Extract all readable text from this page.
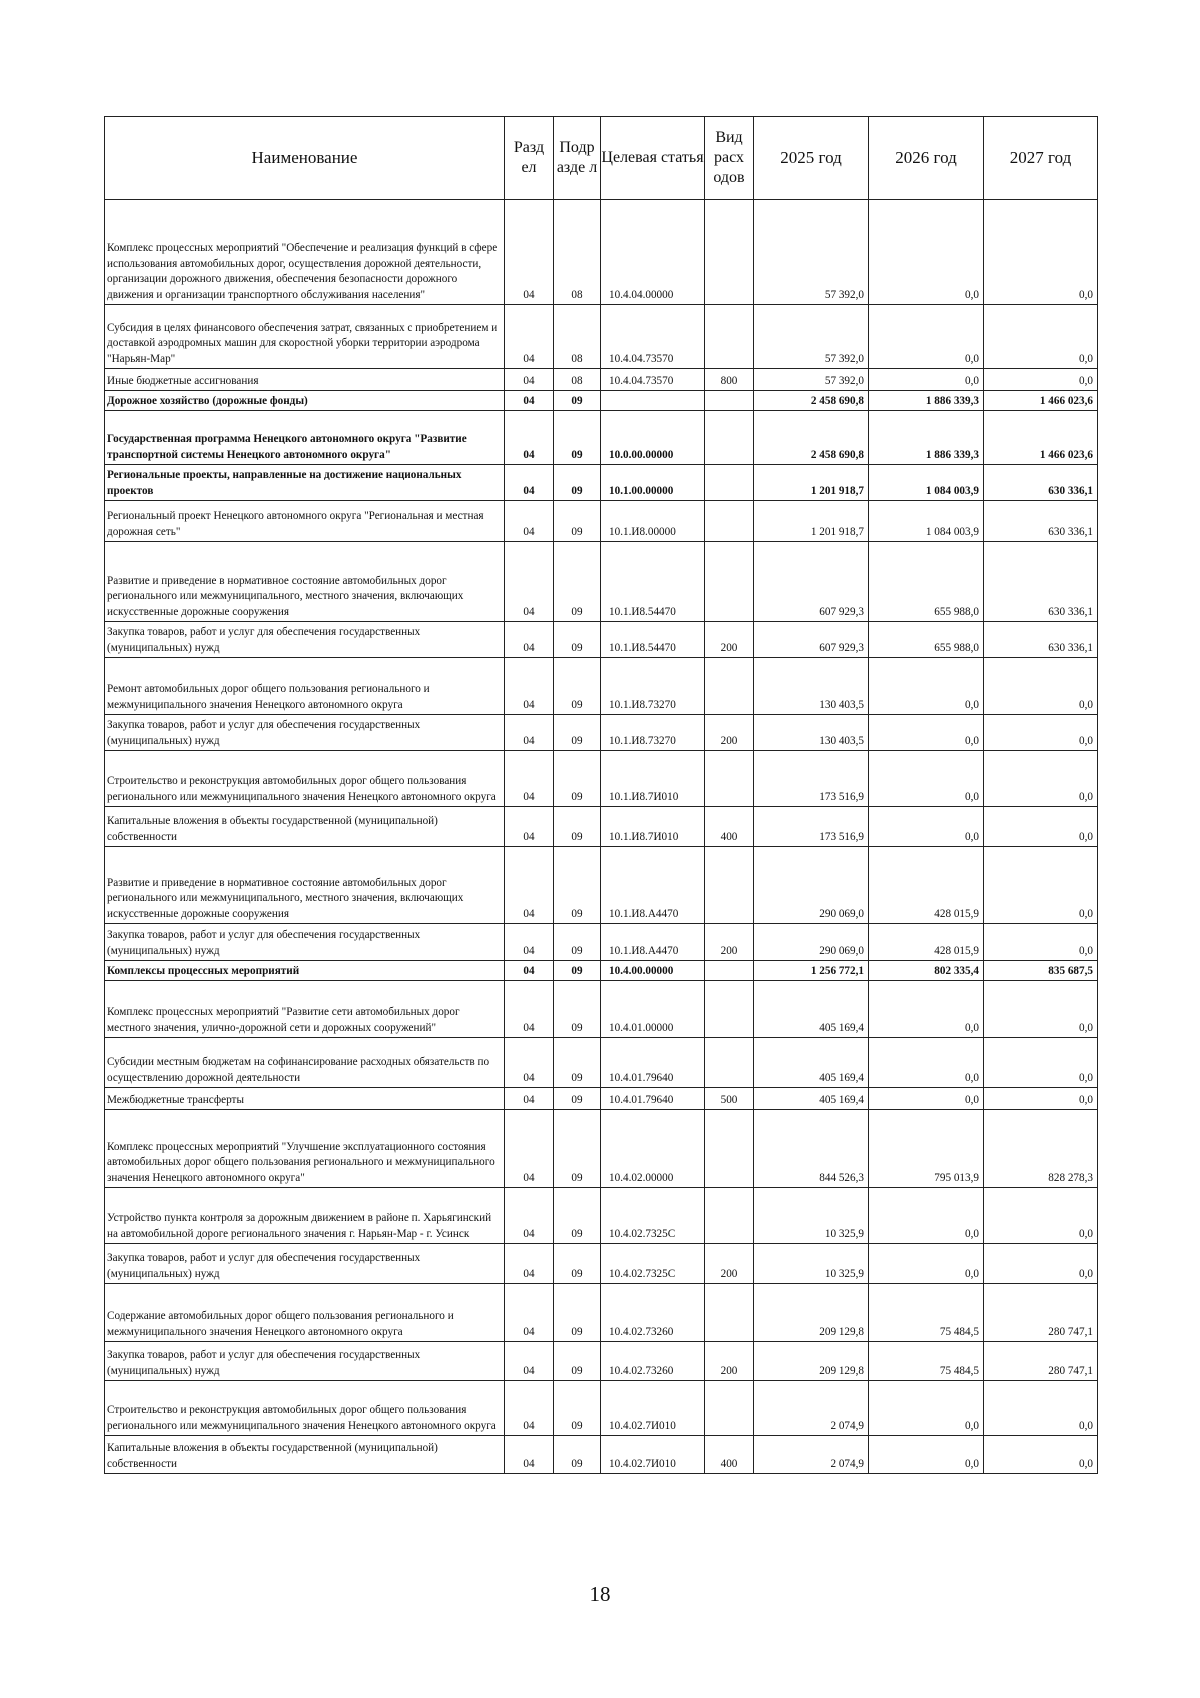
Наименование	Разд ел	Подр азде л	Целевая статья	Вид расх одов	2025 год	2026 год	2027 год
Комплекс процессных мероприятий "Обеспечение и реализация функций в сфере использования автомобильных дорог, осуществления дорожной деятельности, организации дорожного движения, обеспечения безопасности дорожного движения и организации транспортного обслуживания населения"	04	08	10.4.04.00000		57 392,0	0,0	0,0
Субсидия в целях финансового обеспечения затрат, связанных с приобретением и доставкой аэродромных машин для скоростной уборки территории аэродрома "Нарьян-Мар"	04	08	10.4.04.73570		57 392,0	0,0	0,0
Иные бюджетные ассигнования	04	08	10.4.04.73570	800	57 392,0	0,0	0,0
Дорожное хозяйство (дорожные фонды)	04	09			2 458 690,8	1 886 339,3	1 466 023,6
Государственная программа Ненецкого автономного округа "Развитие транспортной системы Ненецкого автономного округа"	04	09	10.0.00.00000		2 458 690,8	1 886 339,3	1 466 023,6
Региональные проекты, направленные на достижение национальных проектов	04	09	10.1.00.00000		1 201 918,7	1 084 003,9	630 336,1
Региональный проект Ненецкого автономного округа "Региональная и местная дорожная сеть"	04	09	10.1.И8.00000		1 201 918,7	1 084 003,9	630 336,1
Развитие и приведение в нормативное состояние автомобильных дорог регионального или межмуниципального, местного значения, включающих искусственные дорожные сооружения	04	09	10.1.И8.54470		607 929,3	655 988,0	630 336,1
Закупка товаров, работ и услуг для обеспечения государственных (муниципальных) нужд	04	09	10.1.И8.54470	200	607 929,3	655 988,0	630 336,1
Ремонт автомобильных дорог общего пользования регионального и межмуниципального значения Ненецкого автономного округа	04	09	10.1.И8.73270		130 403,5	0,0	0,0
Закупка товаров, работ и услуг для обеспечения государственных (муниципальных) нужд	04	09	10.1.И8.73270	200	130 403,5	0,0	0,0
Строительство и реконструкция автомобильных дорог общего пользования регионального или межмуниципального значения Ненецкого автономного округа	04	09	10.1.И8.7И010		173 516,9	0,0	0,0
Капитальные вложения в объекты государственной (муниципальной) собственности	04	09	10.1.И8.7И010	400	173 516,9	0,0	0,0
Развитие и приведение в нормативное состояние автомобильных дорог регионального или межмуниципального, местного значения, включающих искусственные дорожные сооружения	04	09	10.1.И8.А4470		290 069,0	428 015,9	0,0
Закупка товаров, работ и услуг для обеспечения государственных (муниципальных) нужд	04	09	10.1.И8.А4470	200	290 069,0	428 015,9	0,0
Комплексы процессных мероприятий	04	09	10.4.00.00000		1 256 772,1	802 335,4	835 687,5
Комплекс процессных мероприятий "Развитие сети автомобильных дорог местного значения, улично-дорожной сети и дорожных сооружений"	04	09	10.4.01.00000		405 169,4	0,0	0,0
Субсидии местным бюджетам на софинансирование расходных обязательств по осуществлению дорожной деятельности	04	09	10.4.01.79640		405 169,4	0,0	0,0
Межбюджетные трансферты	04	09	10.4.01.79640	500	405 169,4	0,0	0,0
Комплекс процессных мероприятий "Улучшение эксплуатационного состояния автомобильных дорог общего пользования регионального и межмуниципального значения Ненецкого автономного округа"	04	09	10.4.02.00000		844 526,3	795 013,9	828 278,3
Устройство пункта контроля за дорожным движением в районе п. Харьягинский на автомобильной дороге регионального значения г. Нарьян-Мар - г. Усинск	04	09	10.4.02.7325С		10 325,9	0,0	0,0
Закупка товаров, работ и услуг для обеспечения государственных (муниципальных) нужд	04	09	10.4.02.7325С	200	10 325,9	0,0	0,0
Содержание автомобильных дорог общего пользования регионального и межмуниципального значения Ненецкого автономного округа	04	09	10.4.02.73260		209 129,8	75 484,5	280 747,1
Закупка товаров, работ и услуг для обеспечения государственных (муниципальных) нужд	04	09	10.4.02.73260	200	209 129,8	75 484,5	280 747,1
Строительство и реконструкция автомобильных дорог общего пользования регионального или межмуниципального значения Ненецкого автономного округа	04	09	10.4.02.7И010		2 074,9	0,0	0,0
Капитальные вложения в объекты государственной (муниципальной) собственности	04	09	10.4.02.7И010	400	2 074,9	0,0	0,0
18
